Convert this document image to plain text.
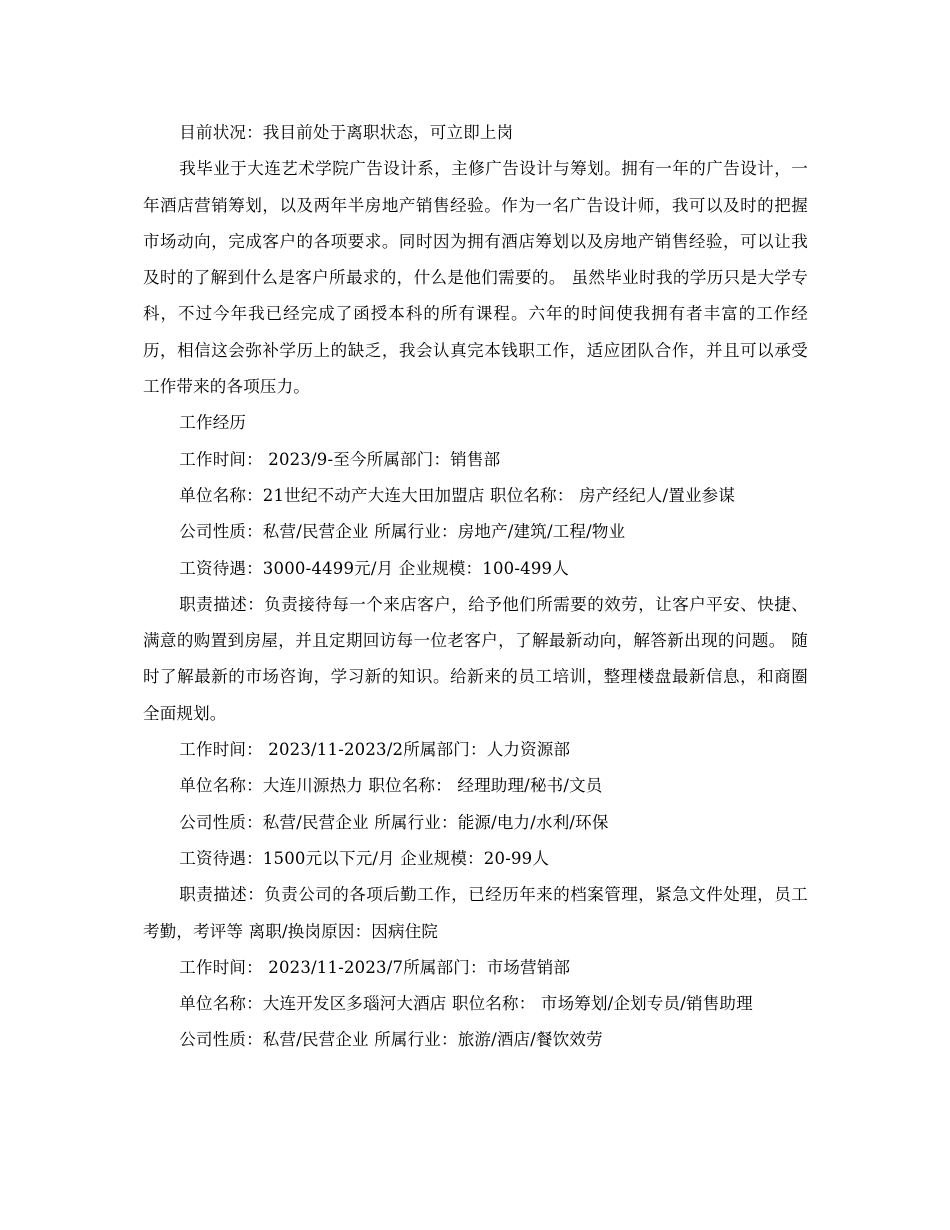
目前状况：我目前处于离职状态，可立即上岗

我毕业于大连艺术学院广告设计系，主修广告设计与筹划。拥有一年的广告设计，一年酒店营销筹划，以及两年半房地产销售经验。作为一名广告设计师，我可以及时的把握市场动向，完成客户的各项要求。同时因为拥有酒店筹划以及房地产销售经验，可以让我及时的了解到什么是客户所最求的，什么是他们需要的。 虽然毕业时我的学历只是大学专科，不过今年我已经完成了函授本科的所有课程。六年的时间使我拥有者丰富的工作经历，相信这会弥补学历上的缺乏，我会认真完本钱职工作，适应团队合作，并且可以承受工作带来的各项压力。

工作经历

工作时间： 2023/9-至今所属部门：销售部

单位名称：21世纪不动产大连大田加盟店 职位名称： 房产经纪人/置业参谋

公司性质：私营/民营企业 所属行业：房地产/建筑/工程/物业

工资待遇：3000-4499元/月 企业规模：100-499人

职责描述：负责接待每一个来店客户，给予他们所需要的效劳，让客户平安、快捷、满意的购置到房屋，并且定期回访每一位老客户，了解最新动向，解答新出现的问题。 随时了解最新的市场咨询，学习新的知识。给新来的员工培训，整理楼盘最新信息，和商圈全面规划。

工作时间： 2023/11-2023/2所属部门：人力资源部

单位名称：大连川源热力 职位名称： 经理助理/秘书/文员

公司性质：私营/民营企业 所属行业：能源/电力/水利/环保

工资待遇：1500元以下元/月 企业规模：20-99人

职责描述：负责公司的各项后勤工作，已经历年来的档案管理，紧急文件处理，员工考勤，考评等 离职/换岗原因：因病住院

工作时间： 2023/11-2023/7所属部门：市场营销部

单位名称：大连开发区多瑙河大酒店 职位名称： 市场筹划/企划专员/销售助理

公司性质：私营/民营企业 所属行业：旅游/酒店/餐饮效劳
